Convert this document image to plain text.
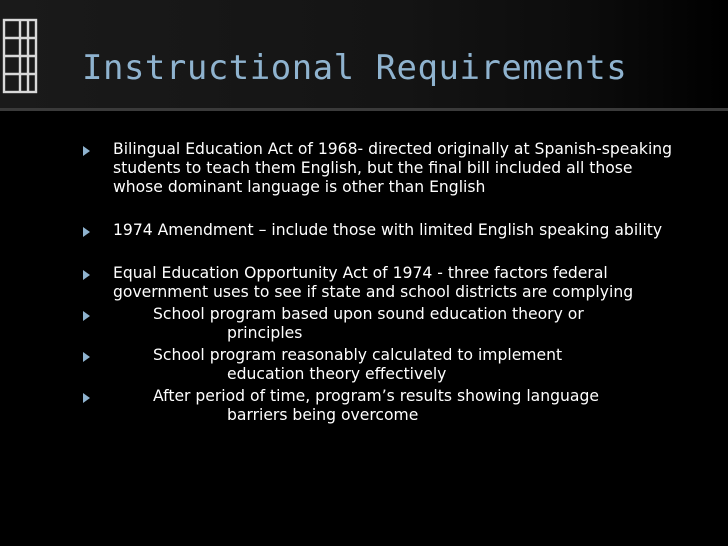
Instructional Requirements
Bilingual Education Act of 1968- directed originally at Spanish-speaking students to teach them English, but the final bill included all those whose dominant language is other than English
1974 Amendment – include those with limited English speaking ability
Equal Education Opportunity Act of 1974 - three factors federal government uses to see if state and school districts are complying
School program based upon sound education theory or
principles
School program reasonably calculated to implement
education theory effectively
After period of time, program’s results showing language
barriers being overcome
